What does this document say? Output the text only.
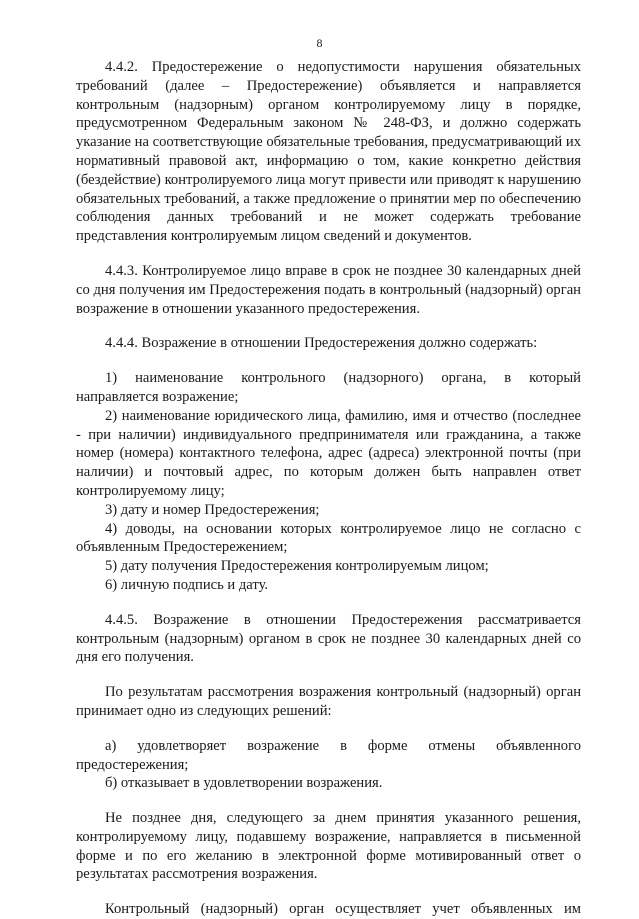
8

4.4.2. Предостережение о недопустимости нарушения обязательных требований (далее – Предостережение) объявляется и направляется контрольным (надзорным) органом контролируемому лицу в порядке, предусмотренном Федеральным законом № 248-ФЗ, и должно содержать указание на соответствующие обязательные требования, предусматривающий их нормативный правовой акт, информацию о том, какие конкретно действия (бездействие) контролируемого лица могут привести или приводят к нарушению обязательных требований, а также предложение о принятии мер по обеспечению соблюдения данных требований и не может содержать требование представления контролируемым лицом сведений и документов.

4.4.3. Контролируемое лицо вправе в срок не позднее 30 календарных дней со дня получения им Предостережения подать в контрольный (надзорный) орган возражение в отношении указанного предостережения.

4.4.4. Возражение в отношении Предостережения должно содержать:

1) наименование контрольного (надзорного) органа, в который направляется возражение;

2) наименование юридического лица, фамилию, имя и отчество (последнее - при наличии) индивидуального предпринимателя или гражданина, а также номер (номера) контактного телефона, адрес (адреса) электронной почты (при наличии) и почтовый адрес, по которым должен быть направлен ответ контролируемому лицу;

3) дату и номер Предостережения;

4) доводы, на основании которых контролируемое лицо не согласно с объявленным Предостережением;

5) дату получения Предостережения контролируемым лицом;

6) личную подпись и дату.

4.4.5. Возражение в отношении Предостережения рассматривается контрольным (надзорным) органом в срок не позднее 30 календарных дней со дня его получения.

По результатам рассмотрения возражения контрольный (надзорный) орган принимает одно из следующих решений:

а) удовлетворяет возражение в форме отмены объявленного предостережения;

б) отказывает в удовлетворении возражения.

Не позднее дня, следующего за днем принятия указанного решения, контролируемому лицу, подавшему возражение, направляется в письменной форме и по его желанию в электронной форме мотивированный ответ о результатах рассмотрения возражения.

Контрольный (надзорный) орган осуществляет учет объявленных им
